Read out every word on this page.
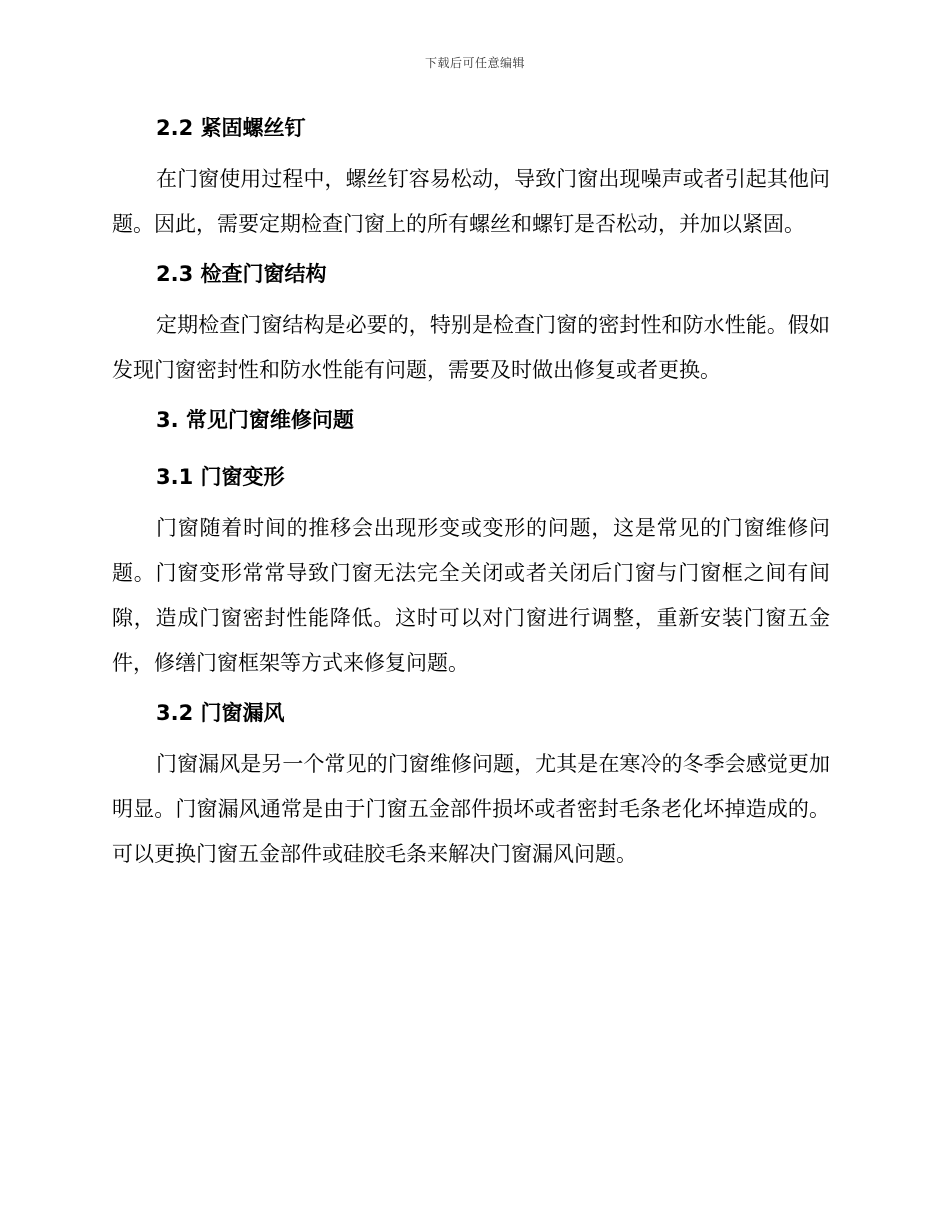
下载后可任意编辑
2.2 紧固螺丝钉

在门窗使用过程中，螺丝钉容易松动，导致门窗出现噪声或者引起其他问题。因此，需要定期检查门窗上的所有螺丝和螺钉是否松动，并加以紧固。

2.3 检查门窗结构

定期检查门窗结构是必要的，特别是检查门窗的密封性和防水性能。假如发现门窗密封性和防水性能有问题，需要及时做出修复或者更换。

3. 常见门窗维修问题
3.1 门窗变形

门窗随着时间的推移会出现形变或变形的问题，这是常见的门窗维修问题。门窗变形常常导致门窗无法完全关闭或者关闭后门窗与门窗框之间有间隙，造成门窗密封性能降低。这时可以对门窗进行调整，重新安装门窗五金件，修缮门窗框架等方式来修复问题。

3.2 门窗漏风

门窗漏风是另一个常见的门窗维修问题，尤其是在寒冷的冬季会感觉更加明显。门窗漏风通常是由于门窗五金部件损坏或者密封毛条老化坏掉造成的。可以更换门窗五金部件或硅胶毛条来解决门窗漏风问题。
